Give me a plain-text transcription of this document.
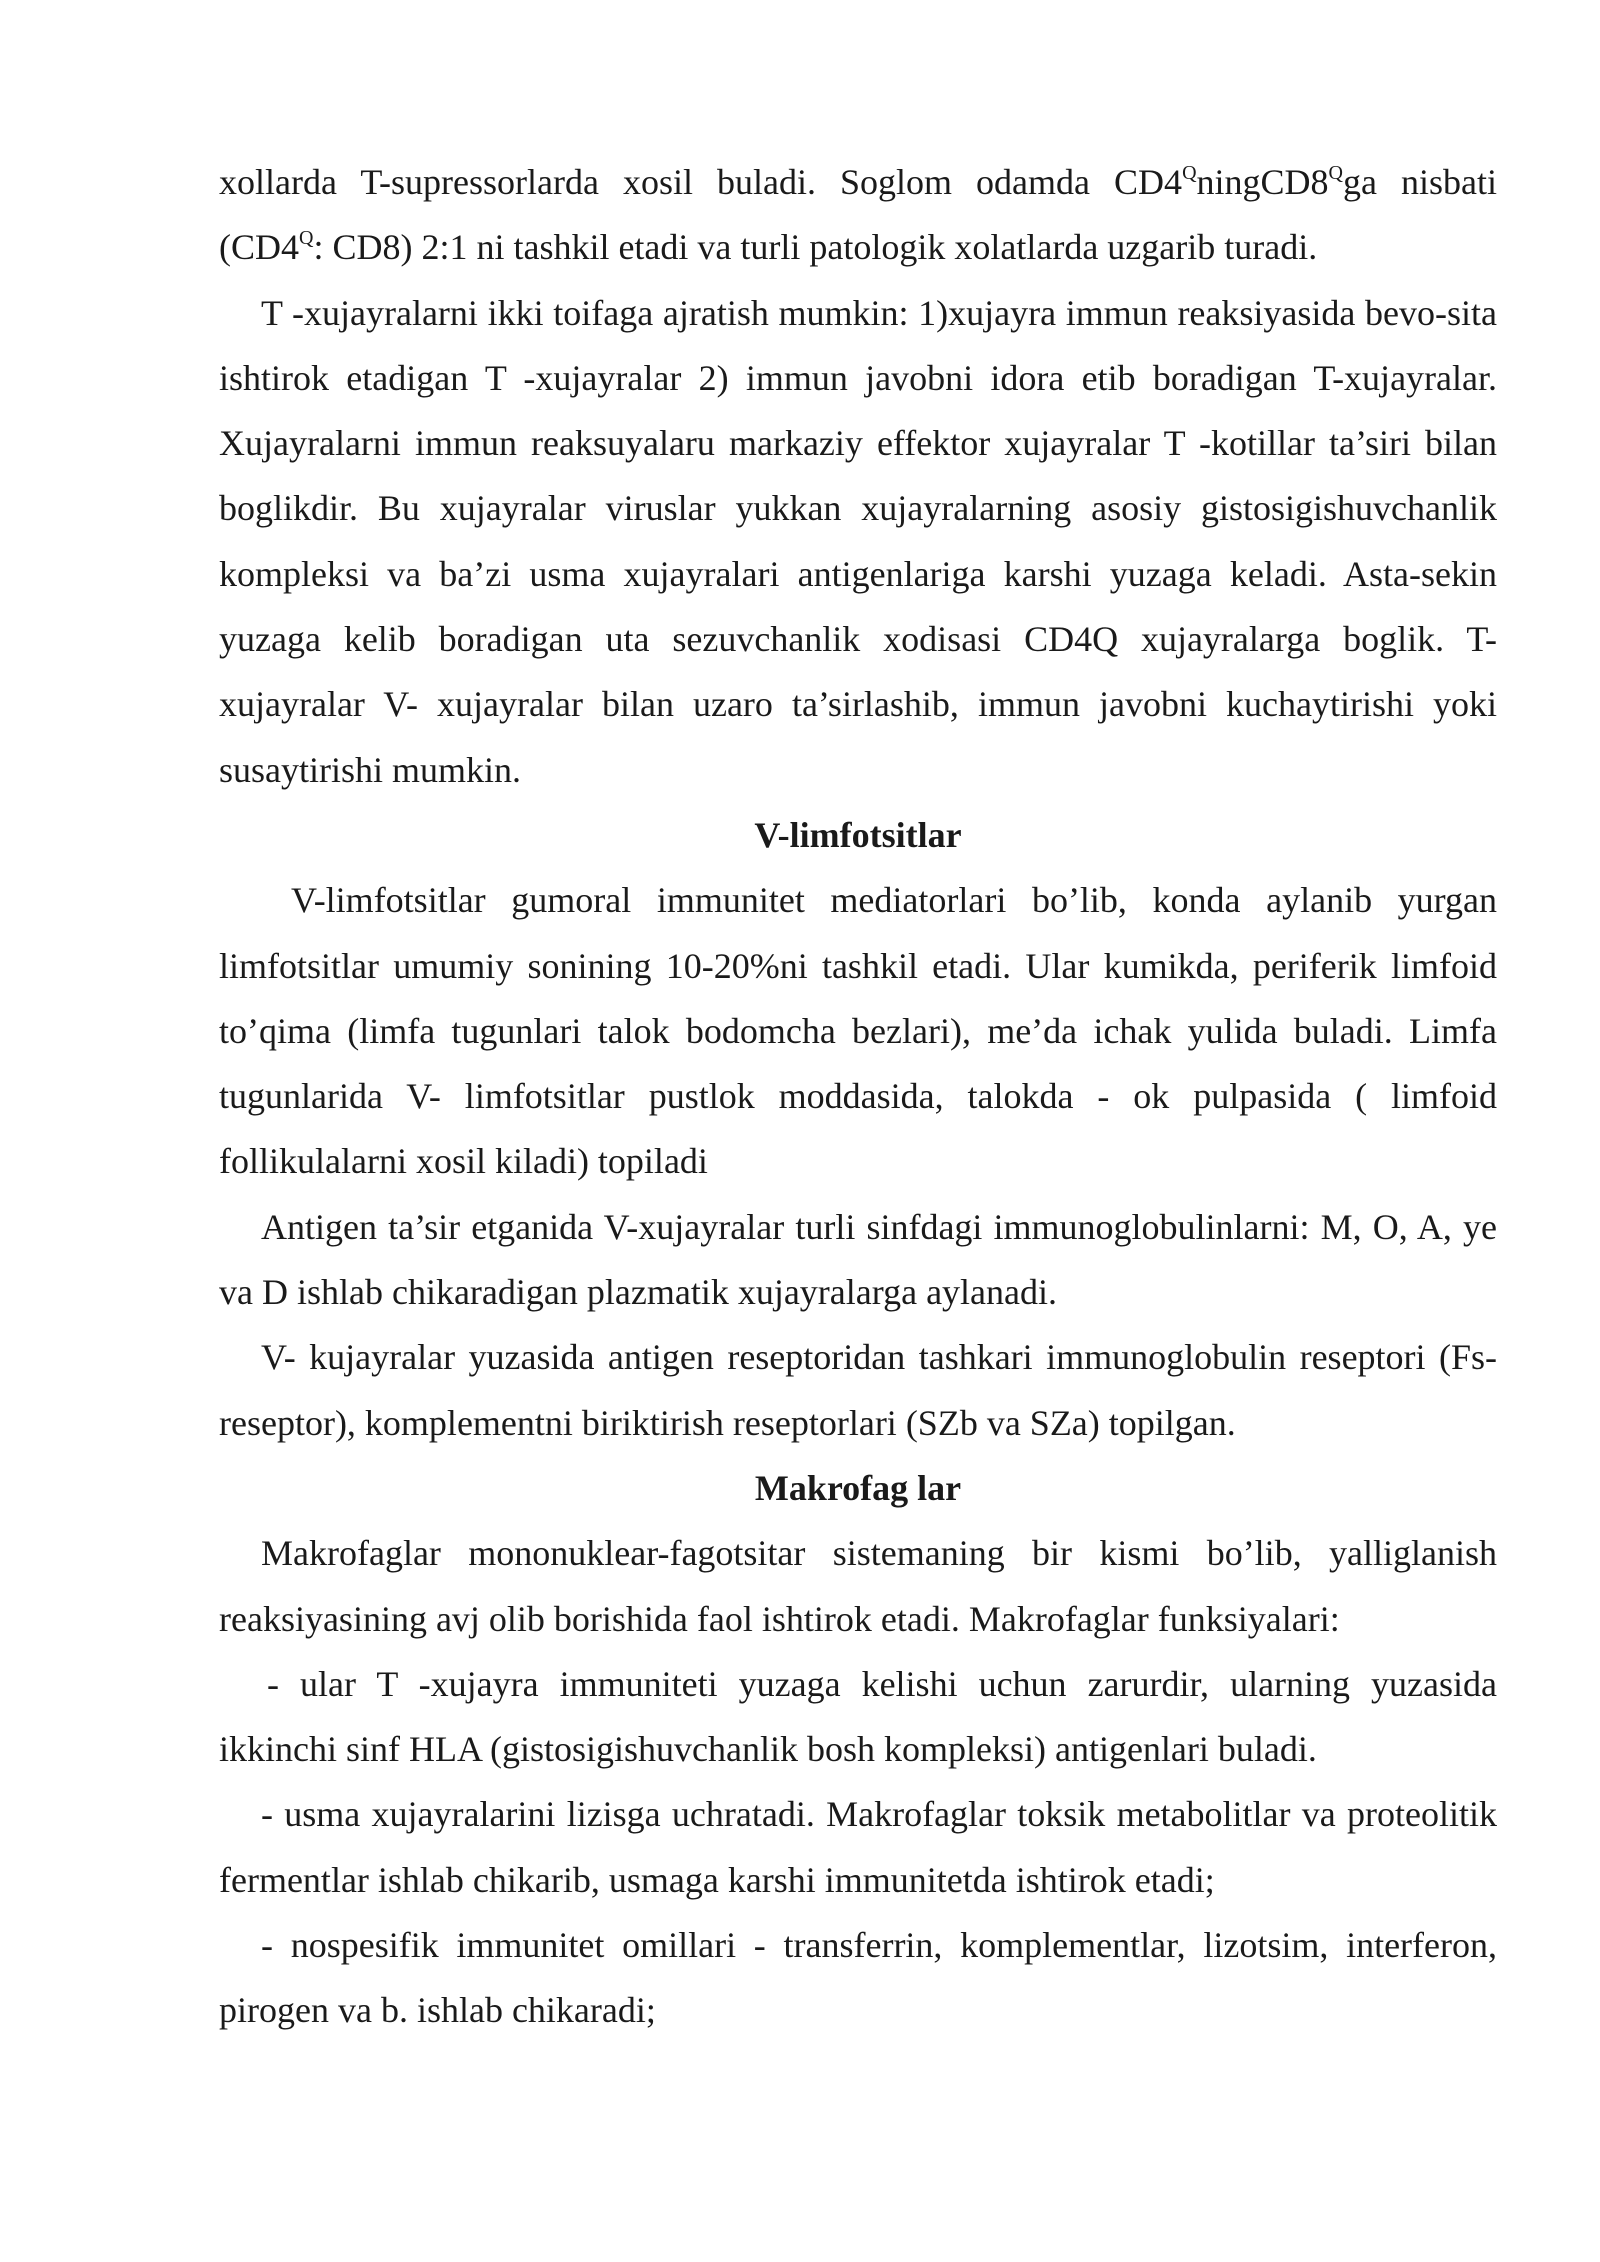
xollarda T-supressorlarda xosil buladi. Soglom odamda $CD4^QningCD8^Qga$ nisbati ($CD4^Q$: CD8) 2:1 ni tashkil etadi va turli patologik xolatlarda uzgarib turadi.

T -xujayralarni ikki toifaga ajratish mumkin: 1)xujayra immun reaksiyasida bevo-sita ishtirok etadigan T -xujayralar 2) immun javobni idora etib boradigan T-xujayralar. Xujayralarni immun reaksuyalaru markaziy effektor xujayralar T -kotillar ta’siri bilan boglikdir. Bu xujayralar viruslar yukkan xujayralarning asosiy gistosigishuvchanlik kompleksi va ba’zi usma xujayralari antigenlariga karshi yuzaga keladi. Asta-sekin yuzaga kelib boradigan uta sezuvchanlik xodisasi CD4Q xujayralarga boglik. T- xujayralar V- xujayralar bilan uzaro ta’sirlashib, immun javobni kuchaytirishi yoki susaytirishi mumkin.

V-limfotsitlar

V-limfotsitlar gumoral immunitet mediatorlari bo’lib, konda aylanib yurgan limfotsitlar umumiy sonining 10-20%ni tashkil etadi. Ular kumikda, periferik limfoid to’qima (limfa tugunlari talok bodomcha bezlari), me’da ichak yulida buladi. Limfa tugunlarida V- limfotsitlar pustlok moddasida, talokda - ok pulpasida ( limfoid follikulalarni xosil kiladi) topiladi

Antigen ta’sir etganida V-xujayralar turli sinfdagi immunoglobulinlarni: M, O, A, ye va D ishlab chikaradigan plazmatik xujayralarga aylanadi.

V- kujayralar yuzasida antigen reseptoridan tashkari immunoglobulin reseptori (Fs-reseptor), komplementni biriktirish reseptorlari (SZb va SZa) topilgan.

Makrofag lar

Makrofaglar mononuklear-fagotsitar sistemaning bir kismi bo’lib, yalliglanish reaksiyasining avj olib borishida faol ishtirok etadi. Makrofaglar funksiyalari:

- ular T -xujayra immuniteti yuzaga kelishi uchun zarurdir, ularning yuzasida ikkinchi sinf HLA (gistosigishuvchanlik bosh kompleksi) antigenlari buladi.

- usma xujayralarini lizisga uchratadi. Makrofaglar toksik metabolitlar va proteolitik fermentlar ishlab chikarib, usmaga karshi immunitetda ishtirok etadi;

- nospesifik immunitet omillari - transferrin, komplementlar, lizotsim, interferon, pirogen va b. ishlab chikaradi;
